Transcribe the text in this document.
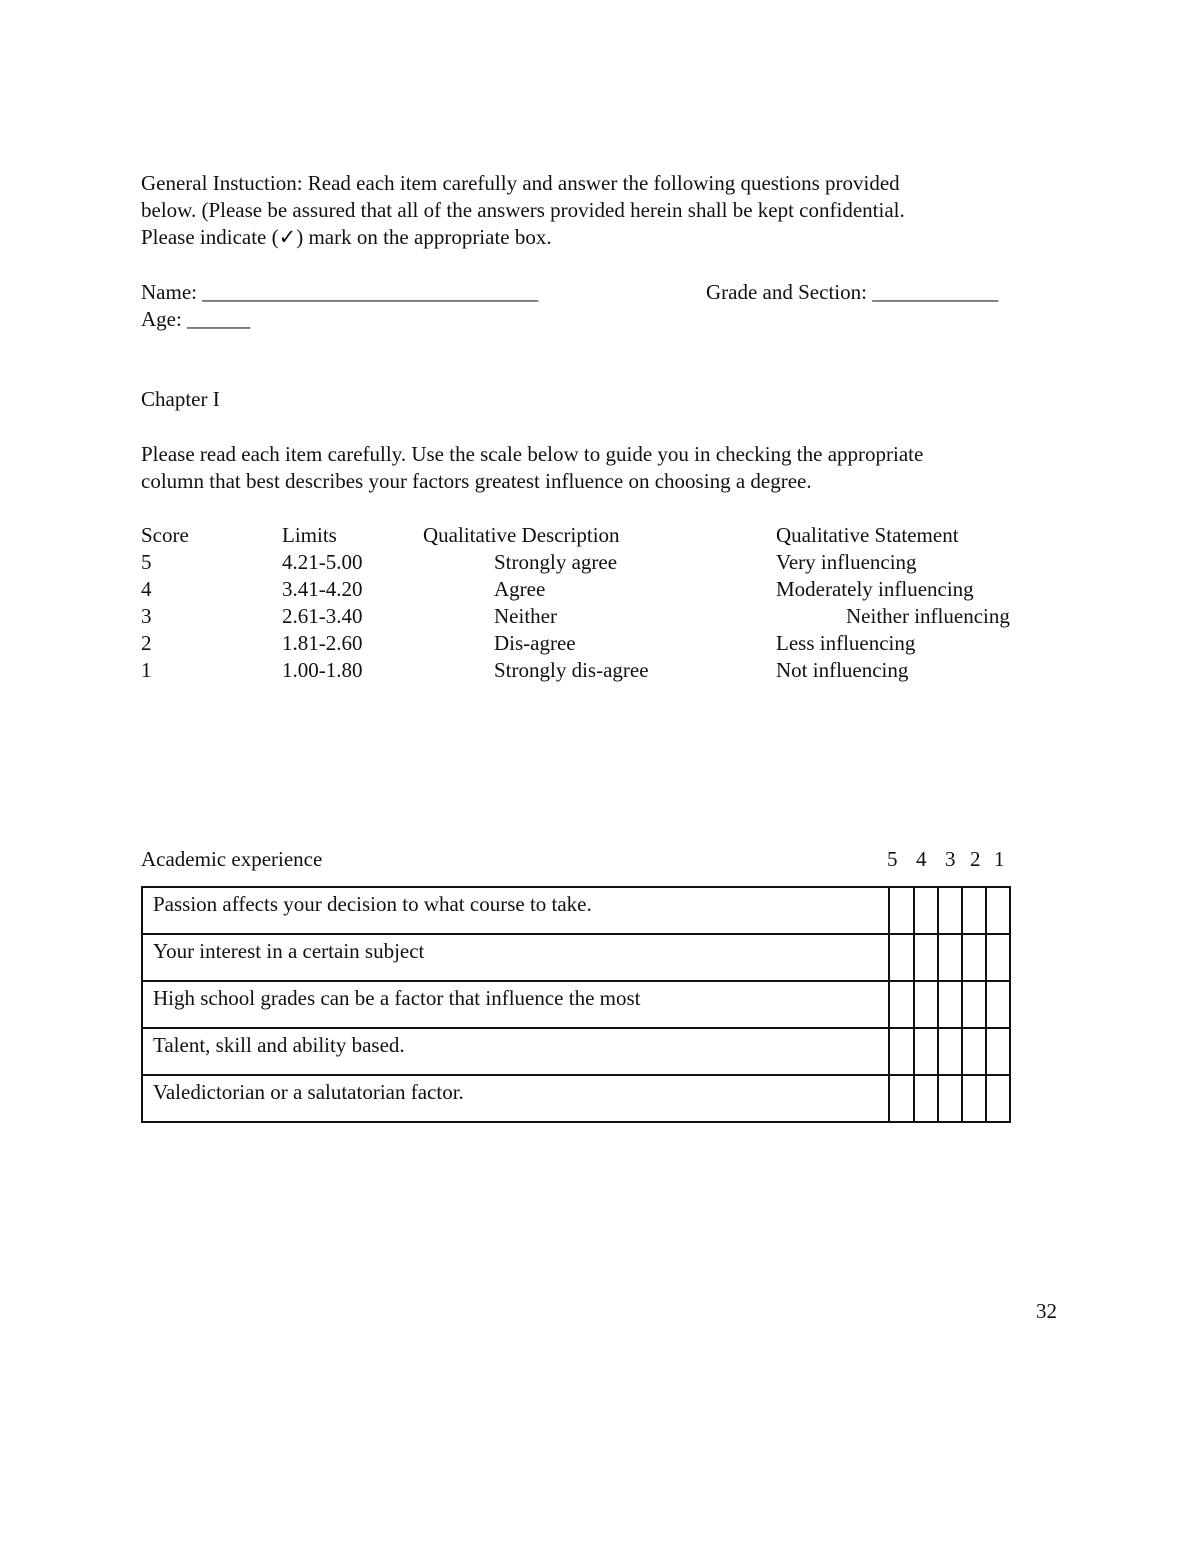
General Instuction: Read each item carefully and answer the following questions provided
below. (Please be assured that all of the answers provided herein shall be kept confidential.
Please indicate (✓) mark on the appropriate box.
Name: ________________________________	Grade and Section: ____________
Age: ______
Chapter I
Please read each item carefully. Use the scale below to guide you in checking the appropriate
column that best describes your factors greatest influence on choosing a degree.
Score	Limits	Qualitative Description	Qualitative Statement
5	4.21-5.00	Strongly agree	Very influencing
4	3.41-4.20	Agree	Moderately influencing
3	2.61-3.40	Neither	Neither influencing
2	1.81-2.60	Dis-agree	Less influencing
1	1.00-1.80	Strongly dis-agree	Not influencing
Academic experience	5 4 3 2 1
Passion affects your decision to what course to take.					
Your interest in a certain subject					
High school grades can be a factor that influence the most					
Talent, skill and ability based.					
Valedictorian or a salutatorian factor.					
32
